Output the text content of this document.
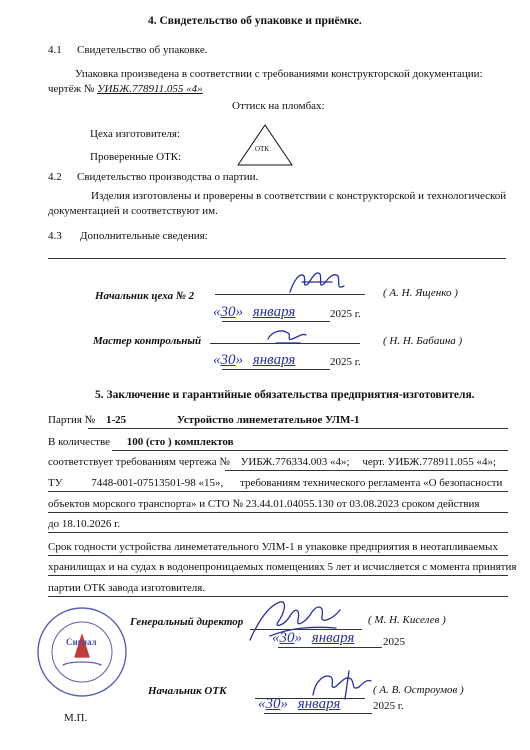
4. Свидетельство об упаковке и приёмке.
4.1 Свидетельство об упаковке.
Упаковка произведена в соответствии с требованиями конструкторской документации:
чертёж № УИБЖ.778911.055 «4»
Оттиск на пломбах:
Цеха изготовителя:
Проверенные ОТК:
ОТК
4.2 Свидетельство производства о партии.
Изделия изготовлены и проверены в соответствии с конструкторской и технологической
документацией и соответствуют им.
4.3 Дополнительные сведения:
Начальник цеха № 2	( А. Н. Ященко )
«30» января	2025 г.
Мастер контрольный	( Н. Н. Бабаина )
«30» января	2025 г.
5. Заключение и гарантийные обязательства предприятия-изготовителя.
Партия № 1-25	Устройство линеметательное УЛМ-1
В количестве 100 (сто ) комплектов
соответствует требованиям чертежа № УИБЖ.776334.003 «4»; черт. УИБЖ.778911.055 «4»;
ТУ	7448-001-07513501-98 «15», требованиям технического регламента «О безопасности
объектов морского транспорта» и СТО № 23.44.01.04055.130 от 03.08.2023 сроком действия
до 18.10.2026 г.
Срок годности устройства линеметательного УЛМ-1 в упаковке предприятия в неотапливаемых
хранилищах и на судах в водонепроницаемых помещениях 5 лет и исчисляется с момента принятия
партии ОТК завода изготовителя.
Генеральный директор	( М. Н. Киселев )
«30» января	2025
Сигнал
М.П.
Начальник ОТК	( А. В. Остроумов )
«30» января	2025 г.
